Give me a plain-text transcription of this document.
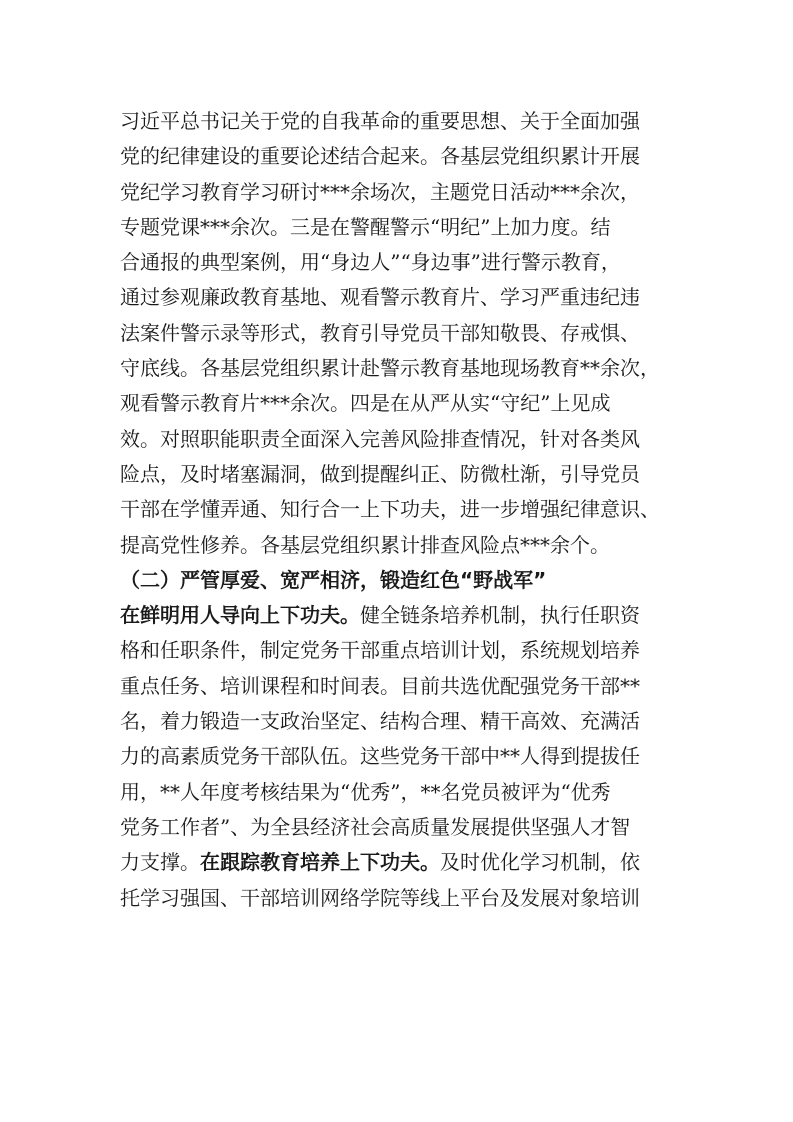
习近平总书记关于党的自我革命的重要思想、关于全面加强
党的纪律建设的重要论述结合起来。各基层党组织累计开展
党纪学习教育学习研讨***余场次，主题党日活动***余次，
专题党课***余次。三是在警醒警示“明纪”上加力度。结
合通报的典型案例，用“身边人”“身边事”进行警示教育，
通过参观廉政教育基地、观看警示教育片、学习严重违纪违
法案件警示录等形式，教育引导党员干部知敬畏、存戒惧、
守底线。各基层党组织累计赴警示教育基地现场教育**余次，
观看警示教育片***余次。四是在从严从实“守纪”上见成
效。对照职能职责全面深入完善风险排查情况，针对各类风
险点，及时堵塞漏洞，做到提醒纠正、防微杜渐，引导党员
干部在学懂弄通、知行合一上下功夫，进一步增强纪律意识、
提高党性修养。各基层党组织累计排查风险点***余个。
（二）严管厚爱、宽严相济，锻造红色“野战军”
在鲜明用人导向上下功夫。健全链条培养机制，执行任职资
格和任职条件，制定党务干部重点培训计划，系统规划培养
重点任务、培训课程和时间表。目前共选优配强党务干部**
名，着力锻造一支政治坚定、结构合理、精干高效、充满活
力的高素质党务干部队伍。这些党务干部中**人得到提拔任
用，**人年度考核结果为“优秀”，**名党员被评为“优秀
党务工作者”、为全县经济社会高质量发展提供坚强人才智
力支撑。在跟踪教育培养上下功夫。及时优化学习机制，依
托学习强国、干部培训网络学院等线上平台及发展对象培训
